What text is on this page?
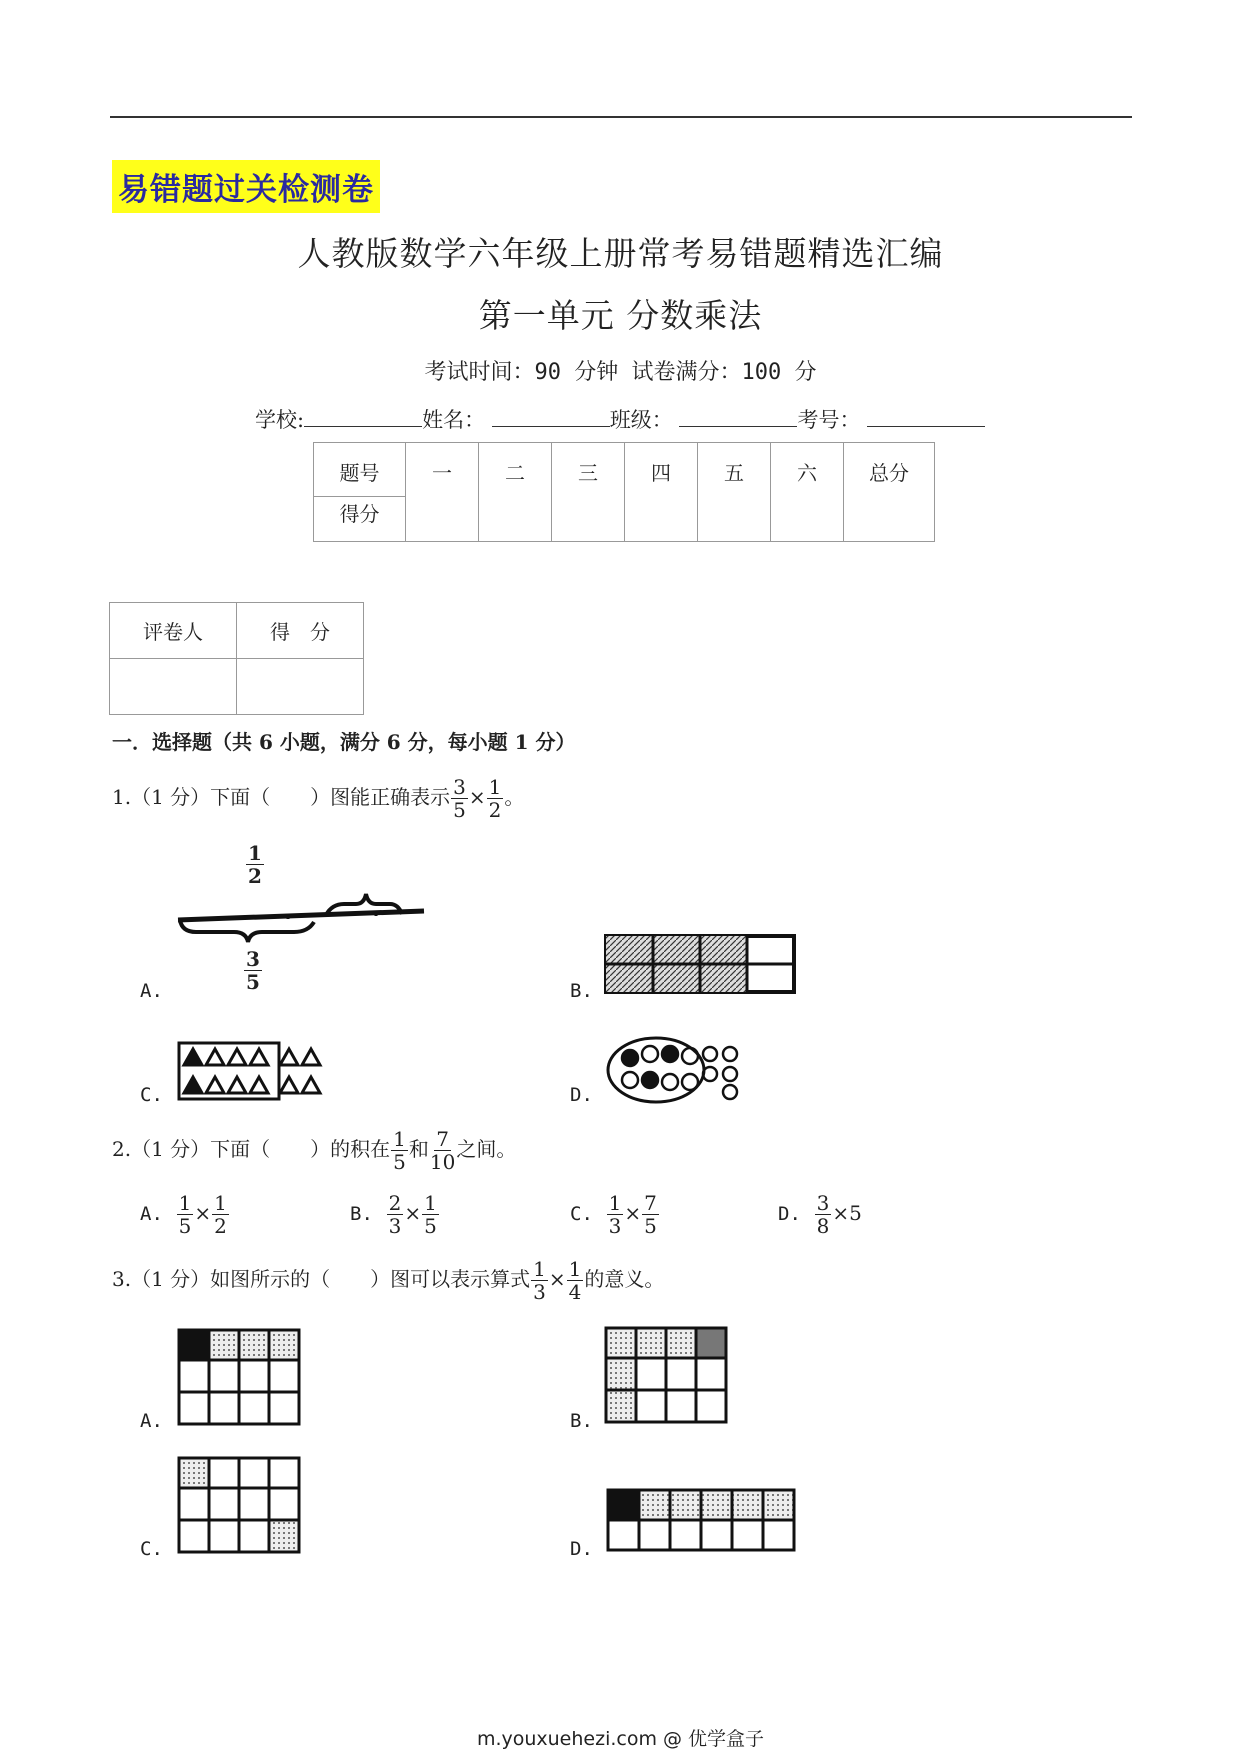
易错题过关检测卷
人教版数学六年级上册常考易错题精选汇编
第一单元 分数乘法
考试时间：90 分钟 试卷满分：100 分
学校:	姓名：	班级：	考号：
题号	一	二	三	四	五	六	总分
得分
评卷人	得　分

一．选择题（共 6 小题，满分 6 分，每小题 1 分）
1.（1 分）下面（　　）图能正确表示 $\frac{3}{5} \times \frac{1}{2}$ 。
A.
$\frac{1}{2}$
$\frac{3}{5}$	B.
C.	D.
2.（1 分）下面（　　）的积在 $\frac{1}{5}$ 和 $\frac{7}{10}$ 之间。
A. $\frac{1}{5} \times \frac{1}{2}$	B. $\frac{2}{3} \times \frac{1}{5}$	C. $\frac{1}{3} \times \frac{7}{5}$	D. $\frac{3}{8} \times 5$
3.（1 分）如图所示的（　　）图可以表示算式 $\frac{1}{3} \times \frac{1}{4}$ 的意义。
A.	B.
C.	D.
m.youxuehezi.com @ 优学盒子
